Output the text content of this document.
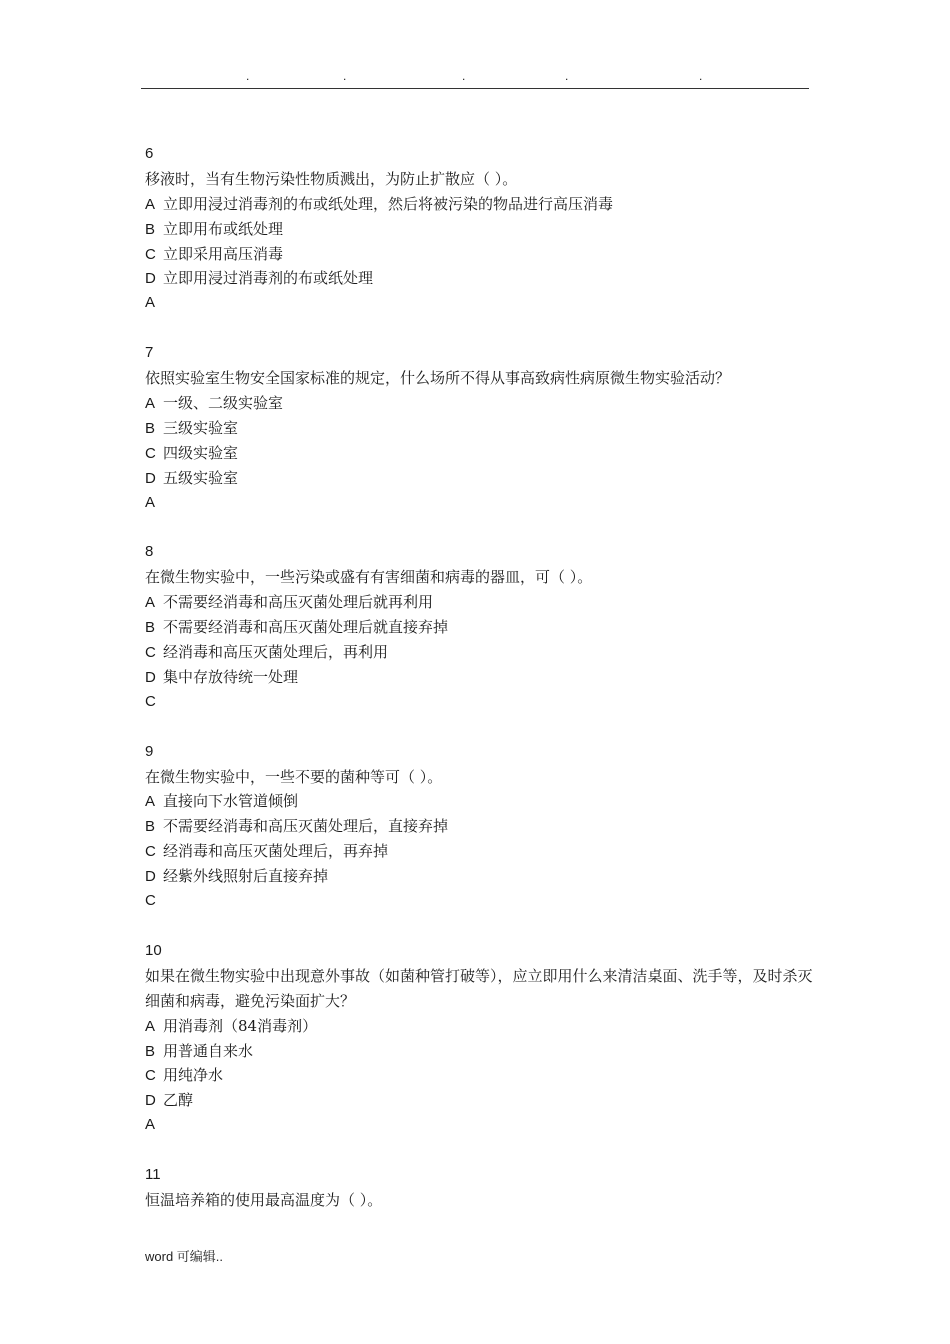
.	.	.	.	.
6
移液时，当有生物污染性物质溅出，为防止扩散应（ ）。
A 立即用浸过消毒剂的布或纸处理，然后将被污染的物品进行高压消毒
B 立即用布或纸处理
C 立即采用高压消毒
D 立即用浸过消毒剂的布或纸处理
A
7
依照实验室生物安全国家标准的规定，什么场所不得从事高致病性病原微生物实验活动？
A 一级、二级实验室
B 三级实验室
C 四级实验室
D 五级实验室
A
8
在微生物实验中，一些污染或盛有有害细菌和病毒的器皿，可（ ）。
A 不需要经消毒和高压灭菌处理后就再利用
B 不需要经消毒和高压灭菌处理后就直接弃掉
C 经消毒和高压灭菌处理后，再利用
D 集中存放待统一处理
C
9
在微生物实验中，一些不要的菌种等可（ ）。
A 直接向下水管道倾倒
B 不需要经消毒和高压灭菌处理后，直接弃掉
C 经消毒和高压灭菌处理后，再弃掉
D 经紫外线照射后直接弃掉
C
10
如果在微生物实验中出现意外事故（如菌种管打破等），应立即用什么来清洁桌面、洗手等，及时杀灭细菌和病毒，避免污染面扩大？
A 用消毒剂（84消毒剂）
B 用普通自来水
C 用纯净水
D 乙醇
A
11
恒温培养箱的使用最高温度为（ ）。
word 可编辑..
